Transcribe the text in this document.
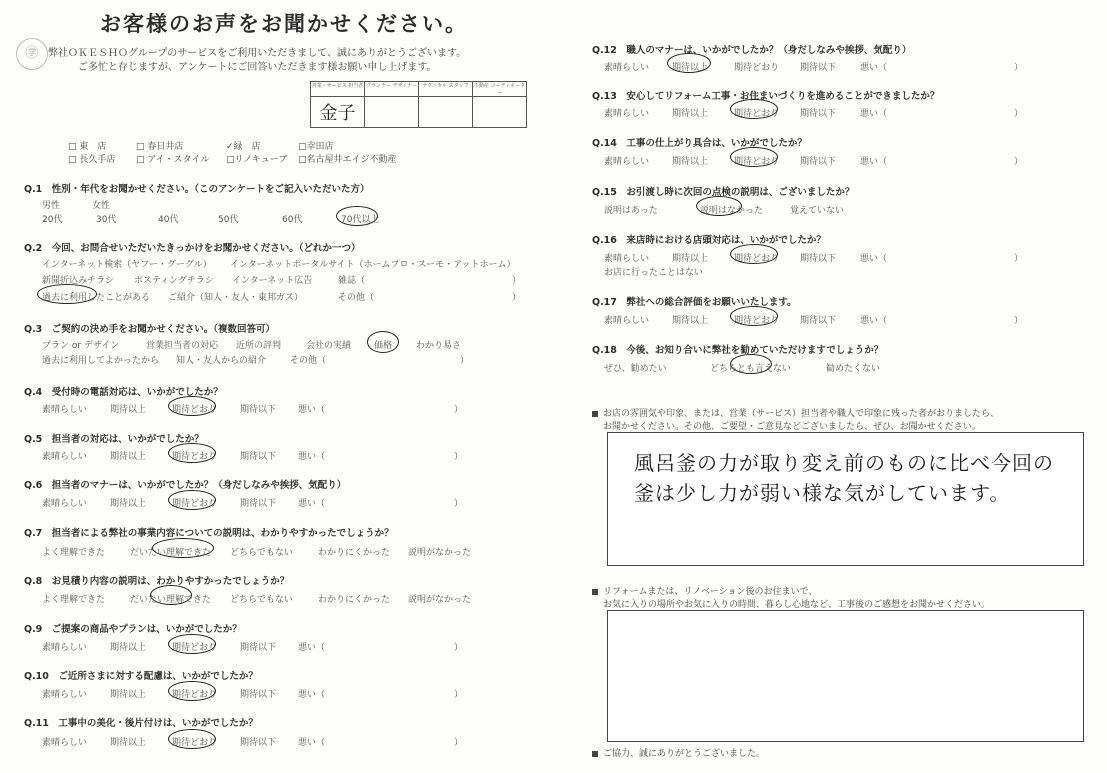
お客様のお声をお聞かせください。
㊫ 弊社ＯＫＥＳＨＯグループのサービスをご利用いただきまして、誠にありがとうございます。
ご多忙と存じますが、アンケートにご回答いただきます様お願い申し上げます。
営業・サービス 担当者	プランナー デザイナー	テクニカル スタッフ	不動産 コーディネーター

金子			

□ 東　店	□ 春日井店	✓緑　店	□幸田店
□ 長久手店 □ アイ・スタイル □リノキューブ □名古屋井エイジ不動産
Q.1　性別・年代をお聞かせください。（このアンケートをご記入いただいた方）
男性	女性
20代	30代	40代	50代	60代	70代以上
Q.2　今回、お問合せいただいたきっかけをお聞かせください。（どれか一つ）
インターネット検索（ヤフー・グーグル） インターネットポータルサイト（ホームプロ・スーモ・アットホーム）
新聞折込みチラシ ポスティングチラシ インターネット広告	雑誌（	）
過去に利用したことがある ご紹介（知人・友人・東邦ガス）	その他（	）
Q.3　ご契約の決め手をお聞かせください。（複数回答可）
プラン or デザイン	営業担当者の対応 近所の評判	会社の実績	価格	わかり易さ
過去に利用してよかったから 知人・友人からの紹介	その他（	）
Q.4　受付時の電話対応は、いかがでしたか？
素晴らしい	期待以上	期待どおり	期待以下 悪い（	）
Q.5　担当者の対応は、いかがでしたか？
素晴らしい	期待以上	期待どおり	期待以下 悪い（	）
Q.6　担当者のマナーは、いかがでしたか？（身だしなみや挨拶、気配り）
素晴らしい	期待以上	期待どおり	期待以下 悪い（	）
Q.7　担当者による弊社の事業内容についての説明は、わかりやすかったでしょうか？
よく理解できた	だいたい理解できた どちらでもない	わかりにくかった 説明がなかった
Q.8　お見積り内容の説明は、わかりやすかったでしょうか？
よく理解できた	だいたい理解できた どちらでもない	わかりにくかった 説明がなかった
Q.9　ご提案の商品やプランは、いかがでしたか？
素晴らしい	期待以上	期待どおり	期待以下 悪い（	）
Q.10　ご近所さまに対する配慮は、いかがでしたか？
素晴らしい	期待以上	期待どおり	期待以下 悪い（	）
Q.11　工事中の美化・後片付けは、いかがでしたか？
素晴らしい	期待以上	期待どおり	期待以下 悪い（	）
Q.12　職人のマナーは、いかがでしたか？（身だしなみや挨拶、気配り）
素晴らしい	期待以上	期待どおり 期待以下	悪い（	）
Q.13　安心してリフォーム工事・お住まいづくりを進めることができましたか？
素晴らしい	期待以上	期待どおり 期待以下	悪い（	）
Q.14　工事の仕上がり具合は、いかがでしたか？
素晴らしい	期待以上	期待どおり 期待以下	悪い（	）
Q.15　お引渡し時に次回の点検の説明は、ございましたか？
説明はあった	説明はなかった	覚えていない
Q.16　来店時における店頭対応は、いかがでしたか？
素晴らしい	期待以上	期待どおり 期待以下	悪い（	）
お店に行ったことはない
Q.17　弊社への総合評価をお願いいたします。
素晴らしい	期待以上	期待どおり 期待以下	悪い（	）
Q.18　今後、お知り合いに弊社を勧めていただけますでしょうか？
ぜひ、勧めたい	どちらとも言えない	勧めたくない
お店の雰囲気や印象、または、営業（サービス）担当者や職人で印象に残った者がおりましたら、
お聞かせください。その他、ご要望・ご意見などございましたら、ぜひ、お聞かせください。
風呂釜の力が取り変え前のものに比べ今回の
釜は少し力が弱い様な気がしています。
リフォームまたは、リノベーション後のお住まいで、
お気に入りの場所やお気に入りの時間、暮らし心地など、工事後のご感想をお聞かせください。
ご協力、誠にありがとうございました。
